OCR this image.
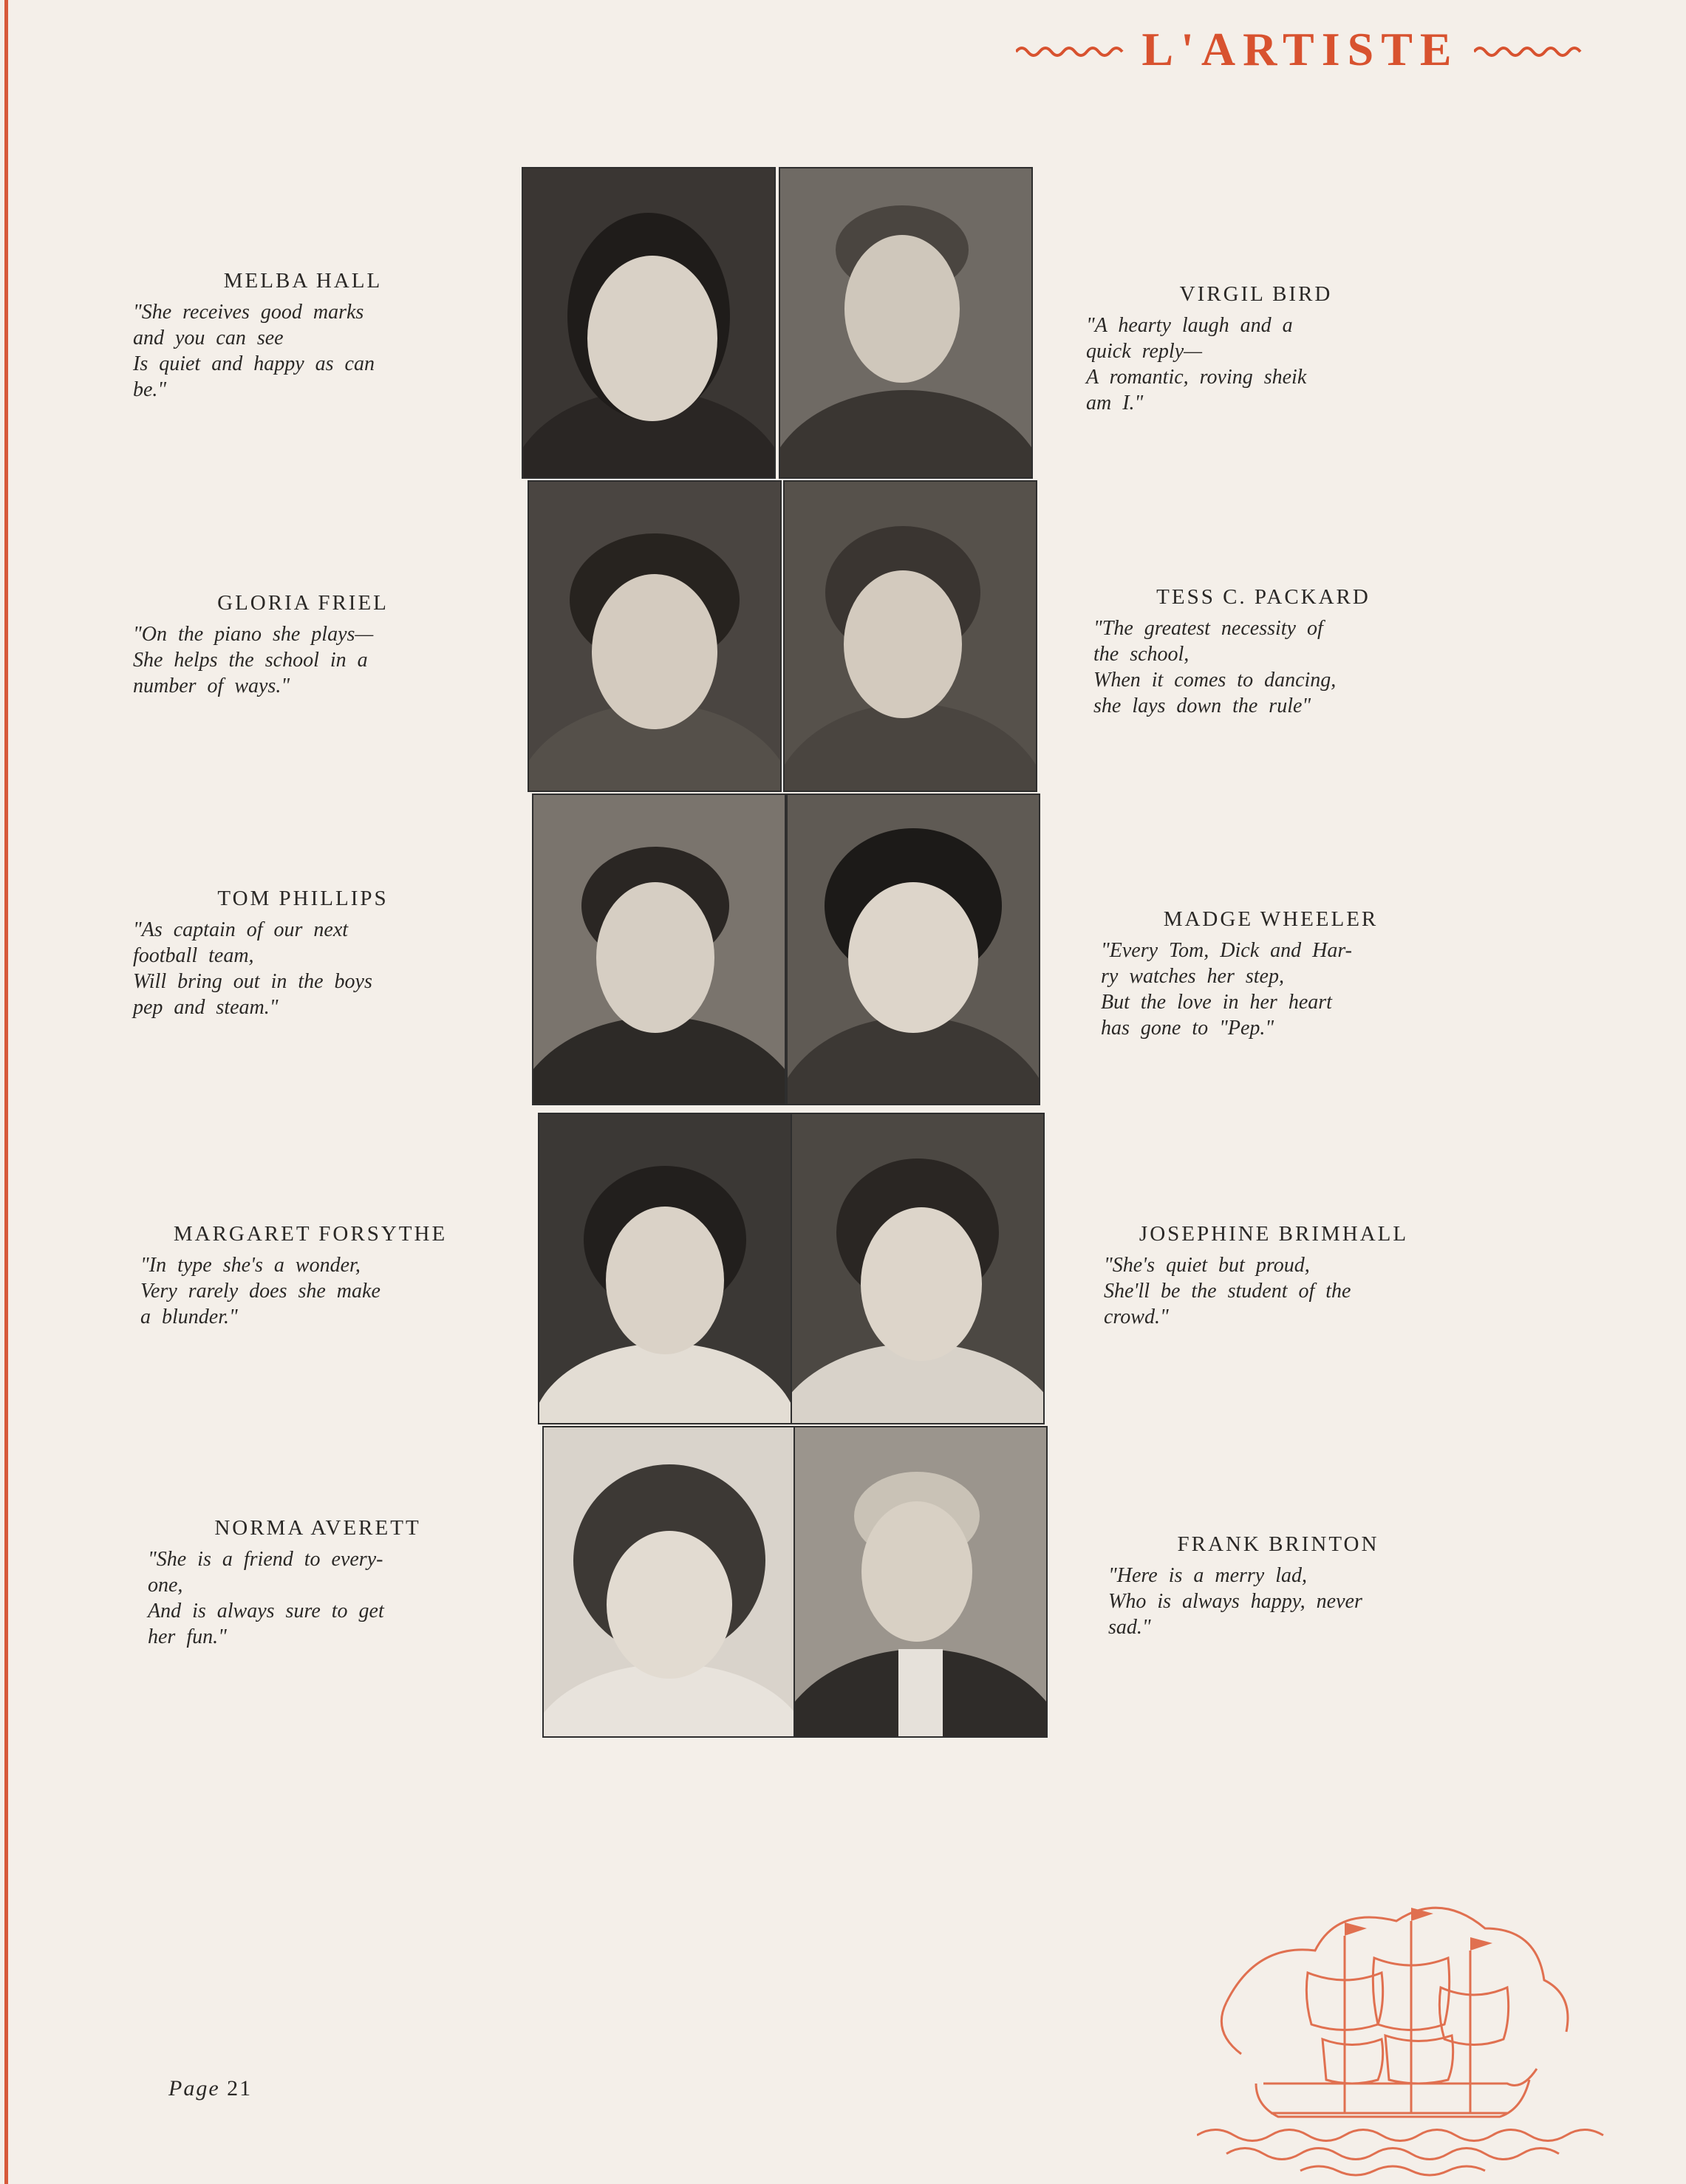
L'ARTISTE
MELBA HALL
"She receives good marks
and you can see
Is quiet and happy as can
be."
GLORIA FRIEL
"On the piano she plays—
She helps the school in a
number of ways."
TOM PHILLIPS
"As captain of our next
football team,
Will bring out in the boys
pep and steam."
MARGARET FORSYTHE
"In type she's a wonder,
Very rarely does she make
a blunder."
NORMA AVERETT
"She is a friend to every-
one,
And is always sure to get
her fun."
VIRGIL BIRD
"A hearty laugh and a
quick reply—
A romantic, roving sheik
am I."
TESS C. PACKARD
"The greatest necessity of
the school,
When it comes to dancing,
she lays down the rule"
MADGE WHEELER
"Every Tom, Dick and Har-
ry watches her step,
But the love in her heart
has gone to "Pep."
JOSEPHINE BRIMHALL
"She's quiet but proud,
She'll be the student of the
crowd."
FRANK BRINTON
"Here is a merry lad,
Who is always happy, never
sad."
Page 21
